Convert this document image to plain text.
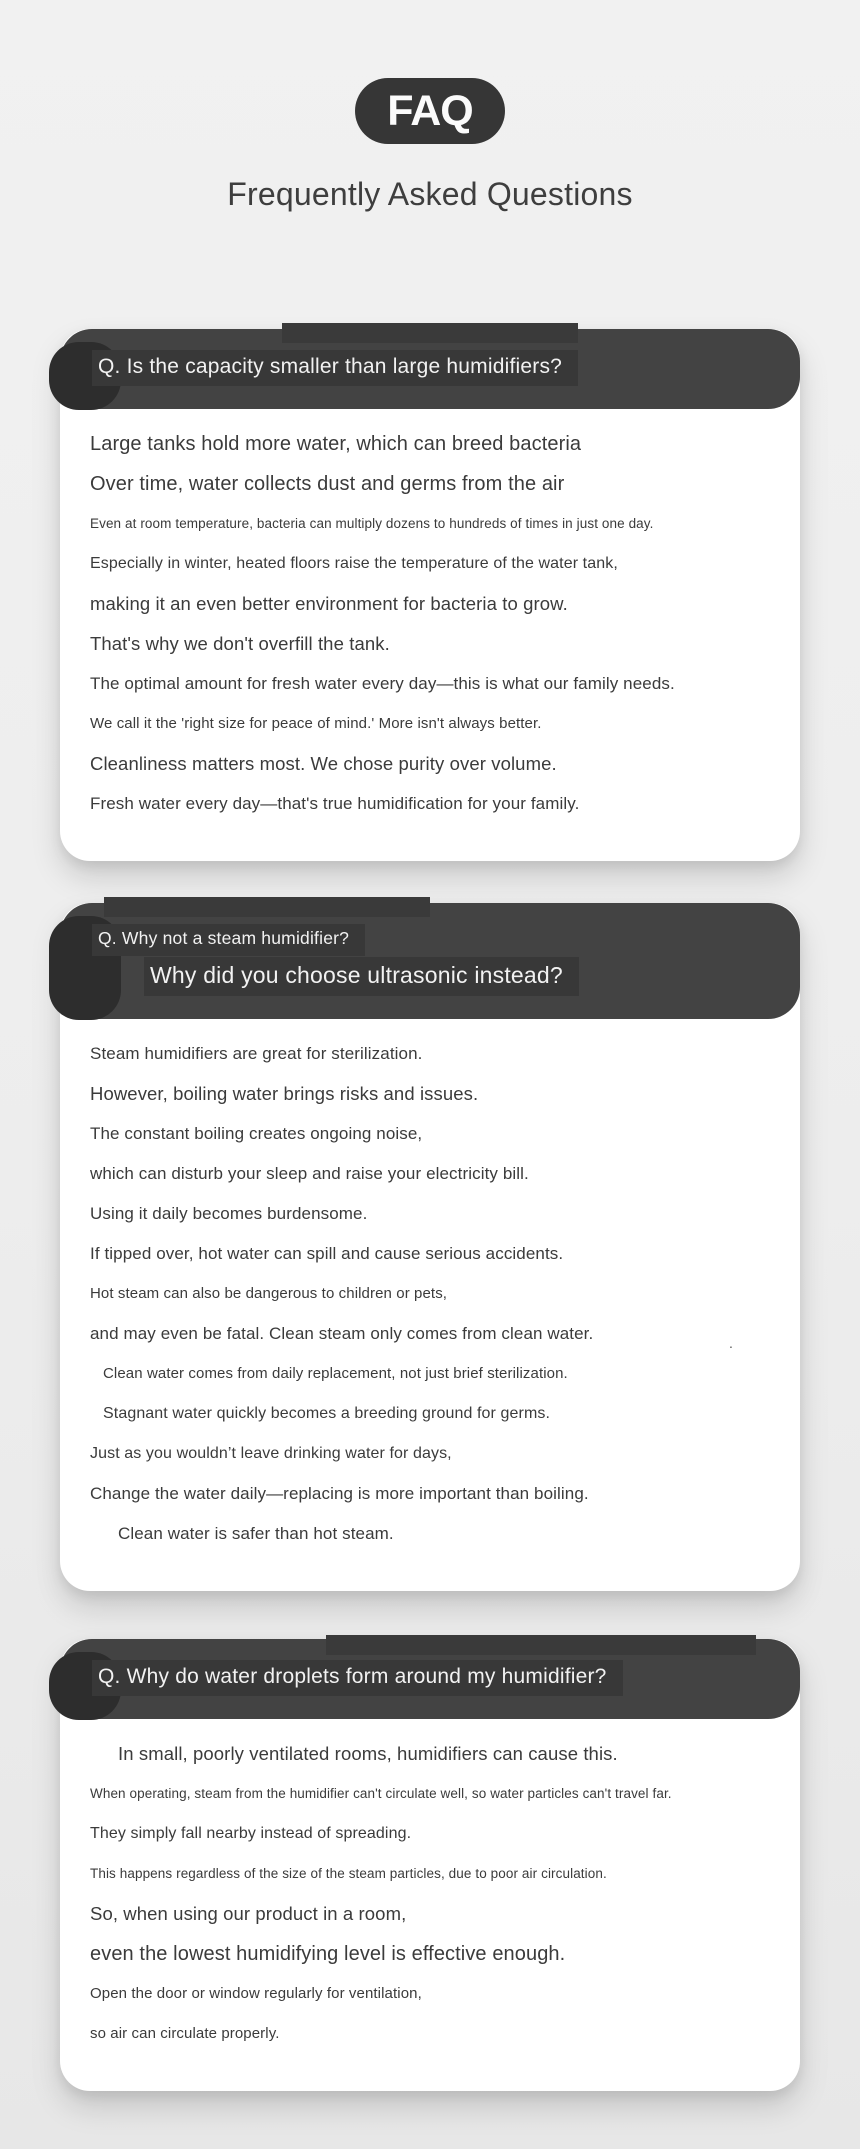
FAQ
Frequently Asked Questions
Q. Is the capacity smaller than large humidifiers?
Large tanks hold more water, which can breed bacteria
Over time, water collects dust and germs from the air
Even at room temperature, bacteria can multiply dozens to hundreds of times in just one day.
Especially in winter, heated floors raise the temperature of the water tank,
making it an even better environment for bacteria to grow.
That's why we don't overfill the tank.
The optimal amount for fresh water every day—this is what our family needs.
We call it the 'right size for peace of mind.' More isn't always better.
Cleanliness matters most. We chose purity over volume.
Fresh water every day—that's true humidification for your family.
Q. Why not a steam humidifier?
Why did you choose ultrasonic instead?
Steam humidifiers are great for sterilization.
However, boiling water brings risks and issues.
The constant boiling creates ongoing noise,
which can disturb your sleep and raise your electricity bill.
Using it daily becomes burdensome.
If tipped over, hot water can spill and cause serious accidents.
Hot steam can also be dangerous to children or pets,
and may even be fatal. Clean steam only comes from clean water.
Clean water comes from daily replacement, not just brief sterilization.
Stagnant water quickly becomes a breeding ground for germs.
Just as you wouldn’t leave drinking water for days,
Change the water daily—replacing is more important than boiling.
Clean water is safer than hot steam.
Q. Why do water droplets form around my humidifier?
In small, poorly ventilated rooms, humidifiers can cause this.
When operating, steam from the humidifier can't circulate well, so water particles can't travel far.
They simply fall nearby instead of spreading.
This happens regardless of the size of the steam particles, due to poor air circulation.
So, when using our product in a room,
even the lowest humidifying level is effective enough.
Open the door or window regularly for ventilation,
so air can circulate properly.
.
